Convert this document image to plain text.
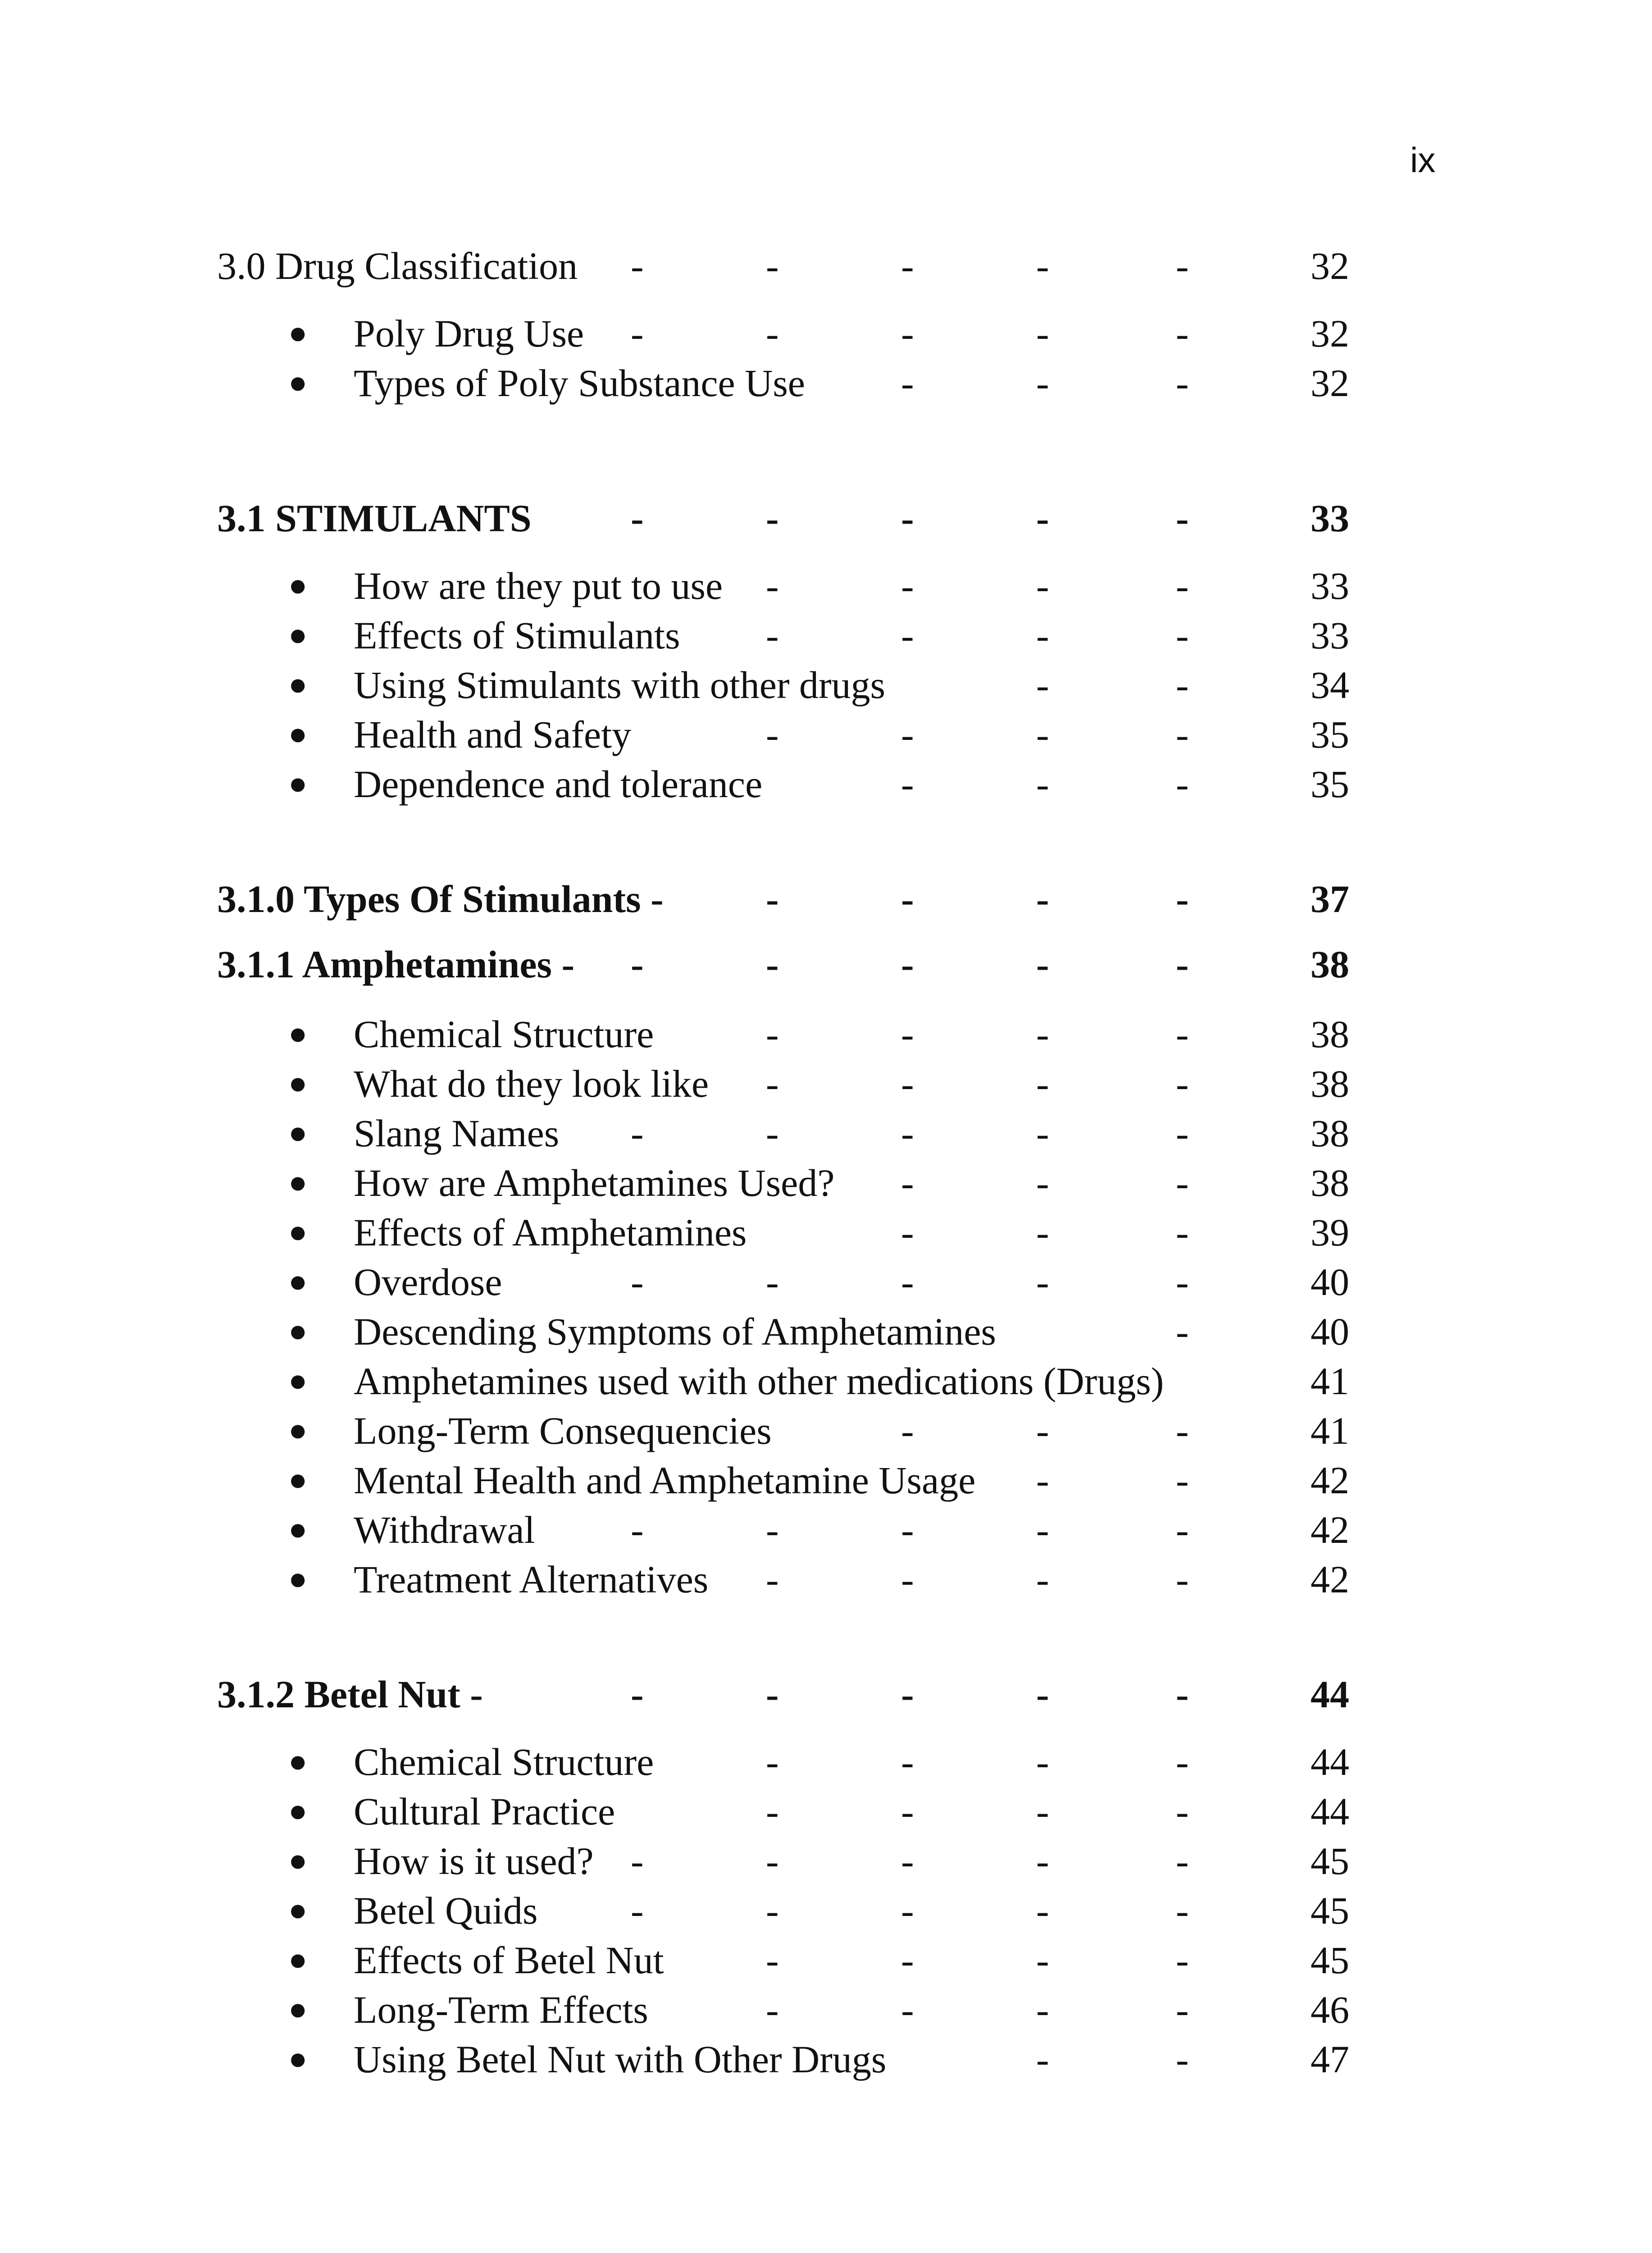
ix
3.0 Drug Classification -	-	-	-	-	32
● Poly Drug Use -	-	-	-	-	32
● Types of Poly Substance Use -	-	-	32
3.1 STIMULANTS	-	-	-	-	-	33
● How are they put to use -	-	-	-	33
● Effects of Stimulants -	-	-	-	33
● Using Stimulants with other drugs	-	-	34
● Health and Safety	-	-	-	-	35
● Dependence and tolerance	-	-	-	35
3.1.0 Types Of Stimulants -	-	-	-	-	37
3.1.1 Amphetamines - -	-	-	-	-	38
● Chemical Structure	-	-	-	-	38
● What do they look like -	-	-	-	38
● Slang Names -	-	-	-	-	38
● How are Amphetamines Used? -	-	-	38
● Effects of Amphetamines	-	-	-	39
● Overdose	-	-	-	-	-	40
● Descending Symptoms of Amphetamines	-	40
● Amphetamines used with other medications (Drugs)	41
● Long-Term Consequencies	-	-	-	41
● Mental Health and Amphetamine Usage -	-	42
● Withdrawal -	-	-	-	-	42
● Treatment Alternatives -	-	-	-	42
3.1.2 Betel Nut -	-	-	-	-	-	44
● Chemical Structure	-	-	-	-	44
● Cultural Practice	-	-	-	-	44
● How is it used? -	-	-	-	-	45
● Betel Quids -	-	-	-	-	45
● Effects of Betel Nut	-	-	-	-	45
● Long-Term Effects	-	-	-	-	46
● Using Betel Nut with Other Drugs	-	-	47
